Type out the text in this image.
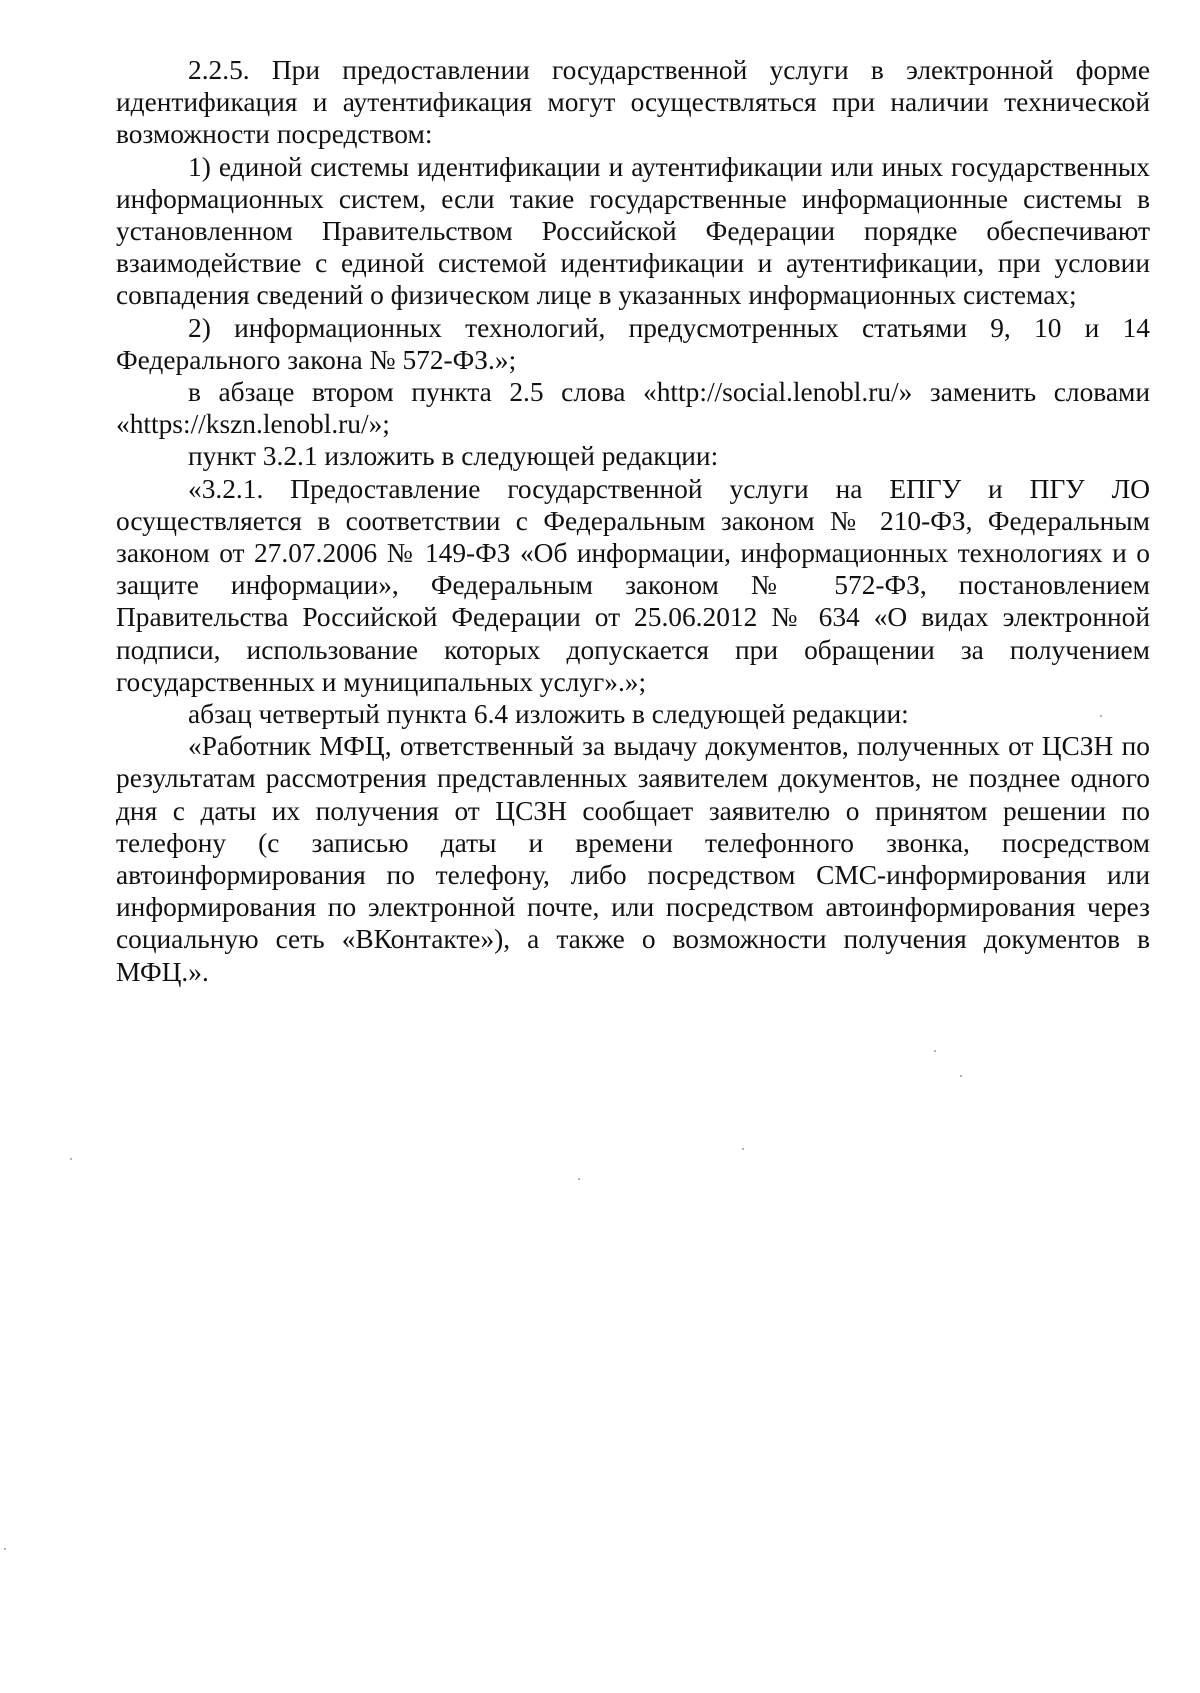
2.2.5. При предоставлении государственной услуги в электронной форме идентификация и аутентификация могут осуществляться при наличии технической возможности посредством:

1) единой системы идентификации и аутентификации или иных государственных информационных систем, если такие государственные информационные системы в установленном Правительством Российской Федерации порядке обеспечивают взаимодействие с единой системой идентификации и аутентификации, при условии совпадения сведений о физическом лице в указанных информационных системах;

2) информационных технологий, предусмотренных статьями 9, 10 и 14 Федерального закона № 572-ФЗ.»;

в абзаце втором пункта 2.5 слова «http://social.lenobl.ru/» заменить словами «https://kszn.lenobl.ru/»;

пункт 3.2.1 изложить в следующей редакции:

«3.2.1. Предоставление государственной услуги на ЕПГУ и ПГУ ЛО осуществляется в соответствии с Федеральным законом № 210-ФЗ, Федеральным законом от 27.07.2006 № 149-ФЗ «Об информации, информационных технологиях и о защите информации», Федеральным законом № 572-ФЗ, постановлением Правительства Российской Федерации от 25.06.2012 № 634 «О видах электронной подписи, использование которых допускается при обращении за получением государственных и муниципальных услуг».»;

абзац четвертый пункта 6.4 изложить в следующей редакции:

«Работник МФЦ, ответственный за выдачу документов, полученных от ЦСЗН по результатам рассмотрения представленных заявителем документов, не позднее одного дня с даты их получения от ЦСЗН сообщает заявителю о принятом решении по телефону (с записью даты и времени телефонного звонка, посредством автоинформирования по телефону, либо посредством СМС-информирования или информирования по электронной почте, или посредством автоинформирования через социальную сеть «ВКонтакте»), а также о возможности получения документов в МФЦ.».
